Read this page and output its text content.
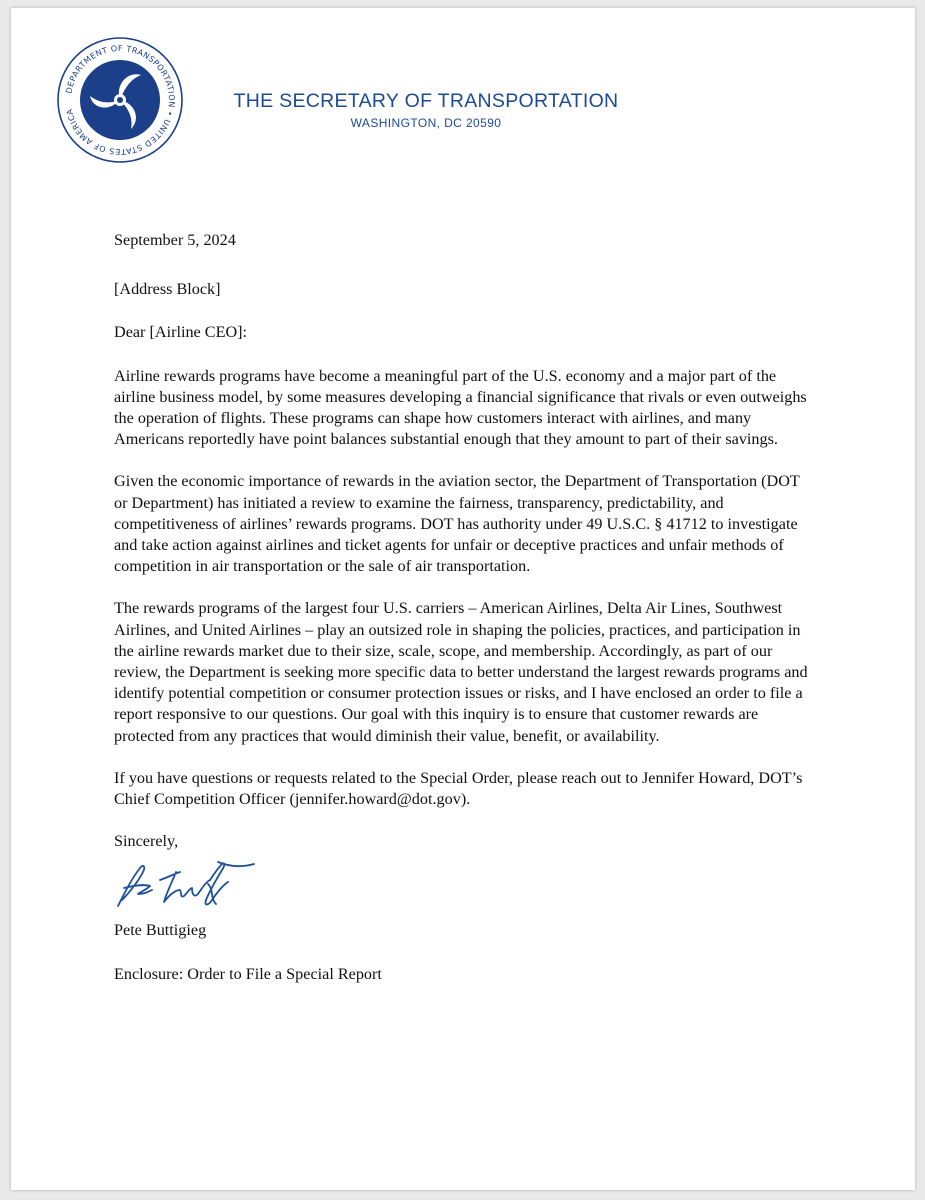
DEPARTMENT OF TRANSPORTATION • UNITED STATES OF AMERICA	THE SECRETARY OF TRANSPORTATION
WASHINGTON, DC 20590

September 5, 2024

[Address Block]

Dear [Airline CEO]:

Airline rewards programs have become a meaningful part of the U.S. economy and a major part of the airline business model, by some measures developing a financial significance that rivals or even outweighs the operation of flights. These programs can shape how customers interact with airlines, and many Americans reportedly have point balances substantial enough that they amount to part of their savings.

Given the economic importance of rewards in the aviation sector, the Department of Transportation (DOT or Department) has initiated a review to examine the fairness, transparency, predictability, and competitiveness of airlines’ rewards programs. DOT has authority under 49 U.S.C. § 41712 to investigate and take action against airlines and ticket agents for unfair or deceptive practices and unfair methods of competition in air transportation or the sale of air transportation.

The rewards programs of the largest four U.S. carriers – American Airlines, Delta Air Lines, Southwest Airlines, and United Airlines – play an outsized role in shaping the policies, practices, and participation in the airline rewards market due to their size, scale, scope, and membership. Accordingly, as part of our review, the Department is seeking more specific data to better understand the largest rewards programs and identify potential competition or consumer protection issues or risks, and I have enclosed an order to file a report responsive to our questions. Our goal with this inquiry is to ensure that customer rewards are protected from any practices that would diminish their value, benefit, or availability.

If you have questions or requests related to the Special Order, please reach out to Jennifer Howard, DOT’s Chief Competition Officer (jennifer.howard@dot.gov).

Sincerely,

Pete Buttigieg

Enclosure: Order to File a Special Report
